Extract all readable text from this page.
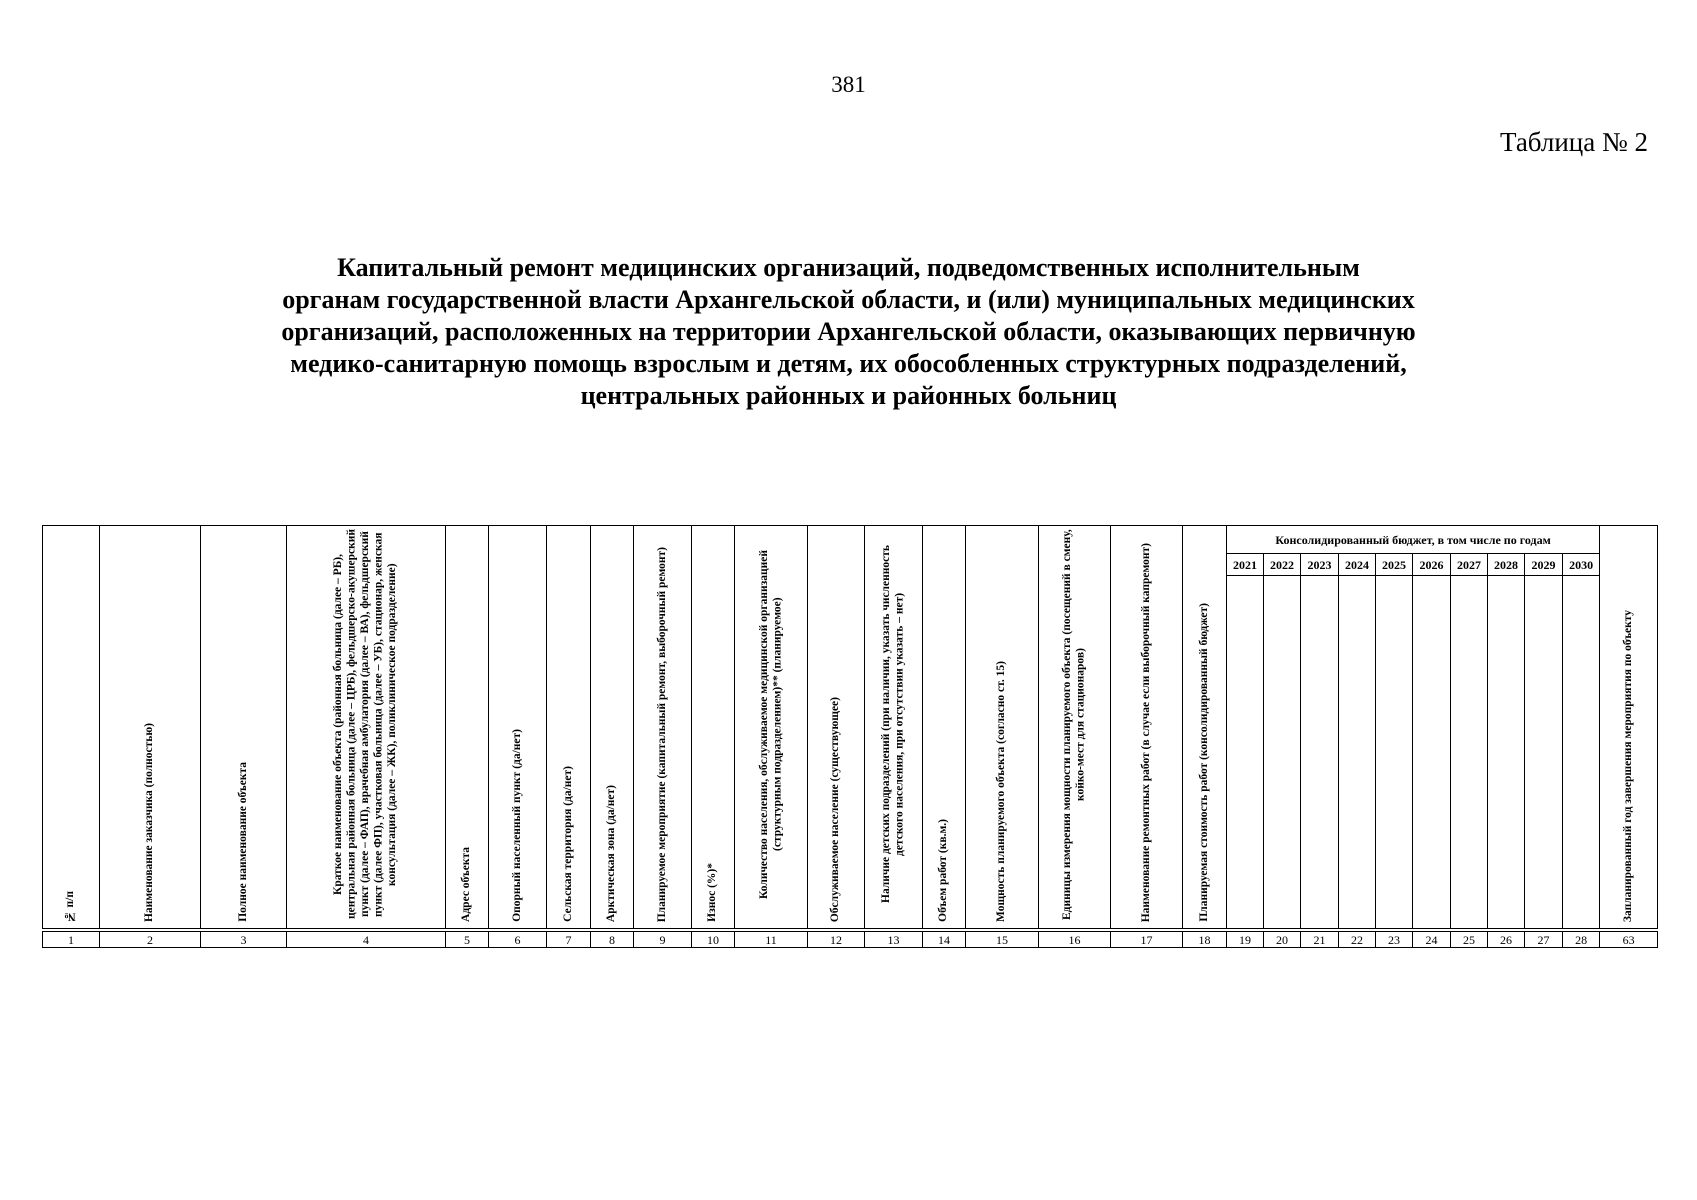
381
Таблица № 2
Капитальный ремонт медицинских организаций, подведомственных исполнительным
органам государственной власти Архангельской области, и (или) муниципальных медицинских
организаций, расположенных на территории Архангельской области, оказывающих первичную
медико-санитарную помощь взрослым и детям, их обособленных структурных подразделений,
центральных районных и районных больниц
№ п/п	Наименование заказчика (полностью)	Полное наименование объекта	Краткое наименование объекта (районная больница (далее – РБ), центральная районная больница (далее – ЦРБ), фельдшерско-акушерский пункт (далее – ФАП), врачебная амбулатория (далее – ВА), фельдшерский пункт (далее ФП), участковая больница (далее – УБ), стационар, женская консультация (далее – ЖК), поликлиническое подразделение)	Адрес объекта	Опорный населенный пункт (да/нет)	Сельская территория (да/нет)	Арктическая зона (да/нет)	Планируемое мероприятие (капитальный ремонт, выборочный ремонт)	Износ (%)*	Количество населения, обслуживаемое медицинской организацией (структурным подразделением)** (планируемое)	Обслуживаемое население (существующее)	Наличие детских подразделений (при наличии, указать численность детского населения, при отсутствии указать – нет)	Объем работ (кв.м.)	Мощность планируемого объекта (согласно ст. 15)	Единицы измерения мощности планируемого объекта (посещений в смену, койко-мест для стационаров)	Наименование ремонтных работ (в случае если выборочный капремонт)	Планируемая стоимость работ (консолидированный бюджет)	Консолидированный бюджет, в том числе по годам										Запланированный год завершения мероприятия по объекту

																		2021	2022	2023	2024	2025	2026	2027	2028	2029	2030	

1	2	3	4	5	6	7	8	9	10	11	12	13	14	15	16	17	18	19	20	21	22	23	24	25	26	27	28	63
